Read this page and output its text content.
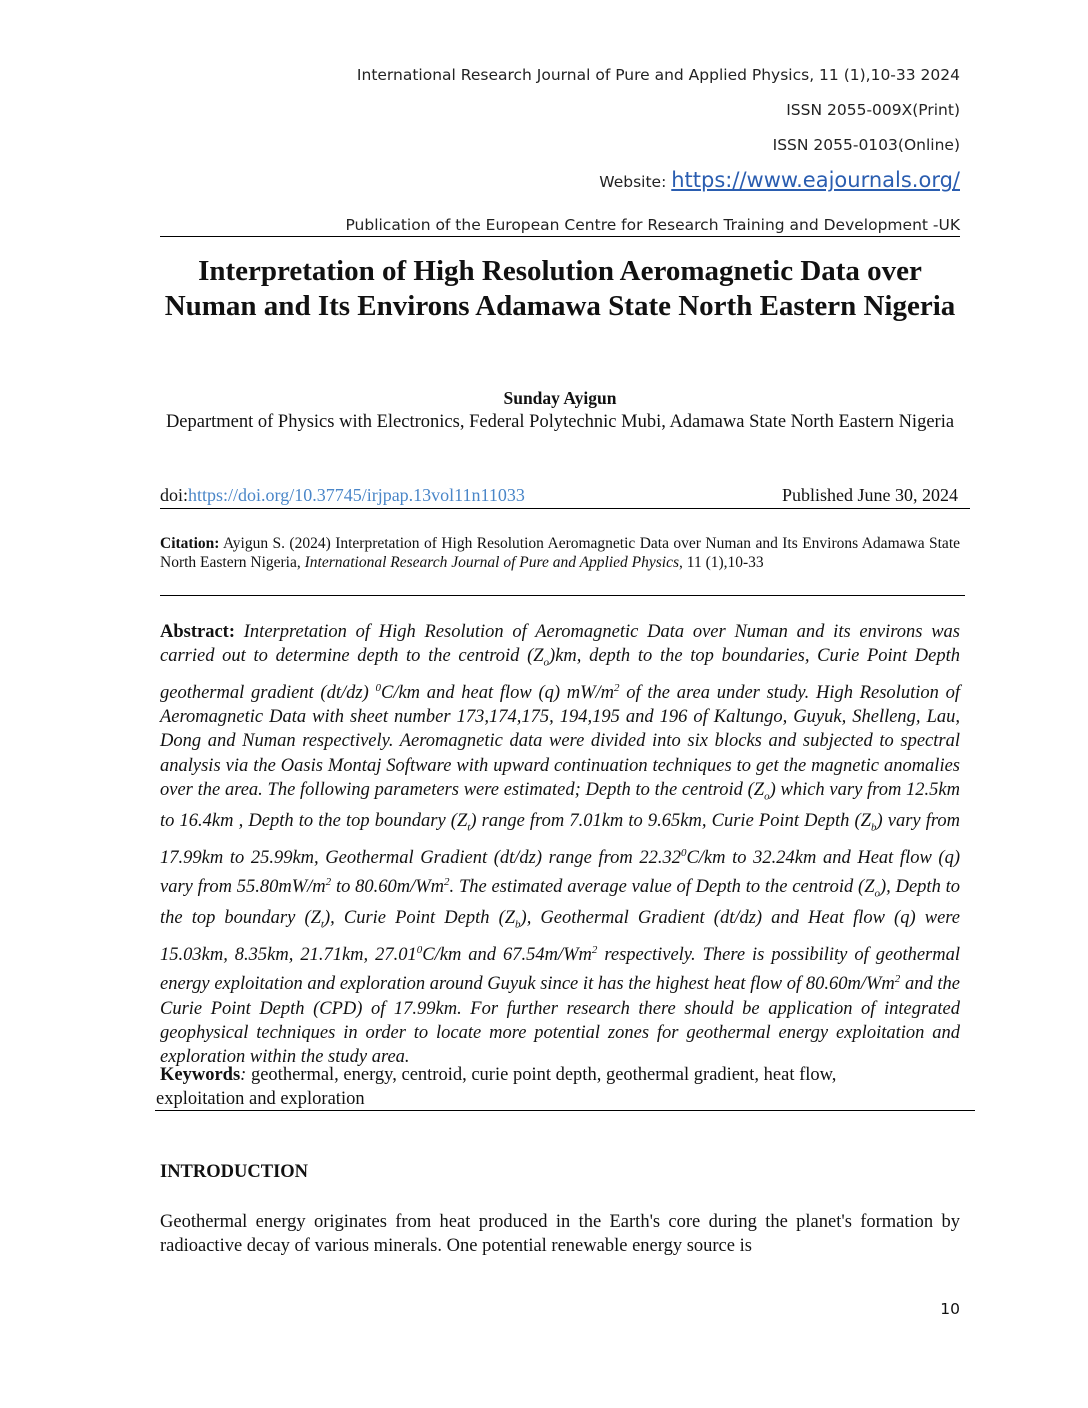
International Research Journal of Pure and Applied Physics, 11 (1),10-33 2024
ISSN 2055-009X(Print)
ISSN 2055-0103(Online)
Website: https://www.eajournals.org/
Publication of the European Centre for Research Training and Development -UK
Interpretation of High Resolution Aeromagnetic Data over Numan and Its Environs Adamawa State North Eastern Nigeria
Sunday Ayigun
Department of Physics with Electronics, Federal Polytechnic Mubi, Adamawa State North Eastern Nigeria
doi:https://doi.org/10.37745/irjpap.13vol11n11033	Published June 30, 2024
Citation: Ayigun S. (2024) Interpretation of High Resolution Aeromagnetic Data over Numan and Its Environs Adamawa State North Eastern Nigeria, International Research Journal of Pure and Applied Physics, 11 (1),10-33
Abstract: Interpretation of High Resolution of Aeromagnetic Data over Numan and its environs was carried out to determine depth to the centroid $(Z_o)km$, depth to the top boundaries, Curie Point Depth geothermal gradient (dt/dz) $^0$C/km and heat flow (q) $mW/m^2$ of the area under study. High Resolution of Aeromagnetic Data with sheet number 173,174,175, 194,195 and 196 of Kaltungo, Guyuk, Shelleng, Lau, Dong and Numan respectively. Aeromagnetic data were divided into six blocks and subjected to spectral analysis via the Oasis Montaj Software with upward continuation techniques to get the magnetic anomalies over the area. The following parameters were estimated; Depth to the centroid $(Z_o)$ which vary from 12.5km to 16.4km , Depth to the top boundary $(Z_t)$ range from 7.01km to 9.65km, Curie Point Depth $(Z_b)$ vary from 17.99km to 25.99km, Geothermal Gradient (dt/dz) range from 22.32$^0$C/km to 32.24km and Heat flow (q) vary from $55.80mW/m^2$ to 80.60m/Wm$^2$. The estimated average value of Depth to the centroid $(Z_o)$, Depth to the top boundary $(Z_t)$, Curie Point Depth $(Z_b)$, Geothermal Gradient (dt/dz) and Heat flow (q) were 15.03km, 8.35km, 21.71km, 27.01$^0$C/km and 67.54m/Wm$^2$ respectively. There is possibility of geothermal energy exploitation and exploration around Guyuk since it has the highest heat flow of 80.60m/Wm$^2$ and the Curie Point Depth (CPD) of 17.99km. For further research there should be application of integrated geophysical techniques in order to locate more potential zones for geothermal energy exploitation and exploration within the study area.
Keywords: geothermal, energy, centroid, curie point depth, geothermal gradient, heat flow,
exploitation and exploration
INTRODUCTION
Geothermal energy originates from heat produced in the Earth's core during the planet's formation by radioactive decay of various minerals. One potential renewable energy source is
10
